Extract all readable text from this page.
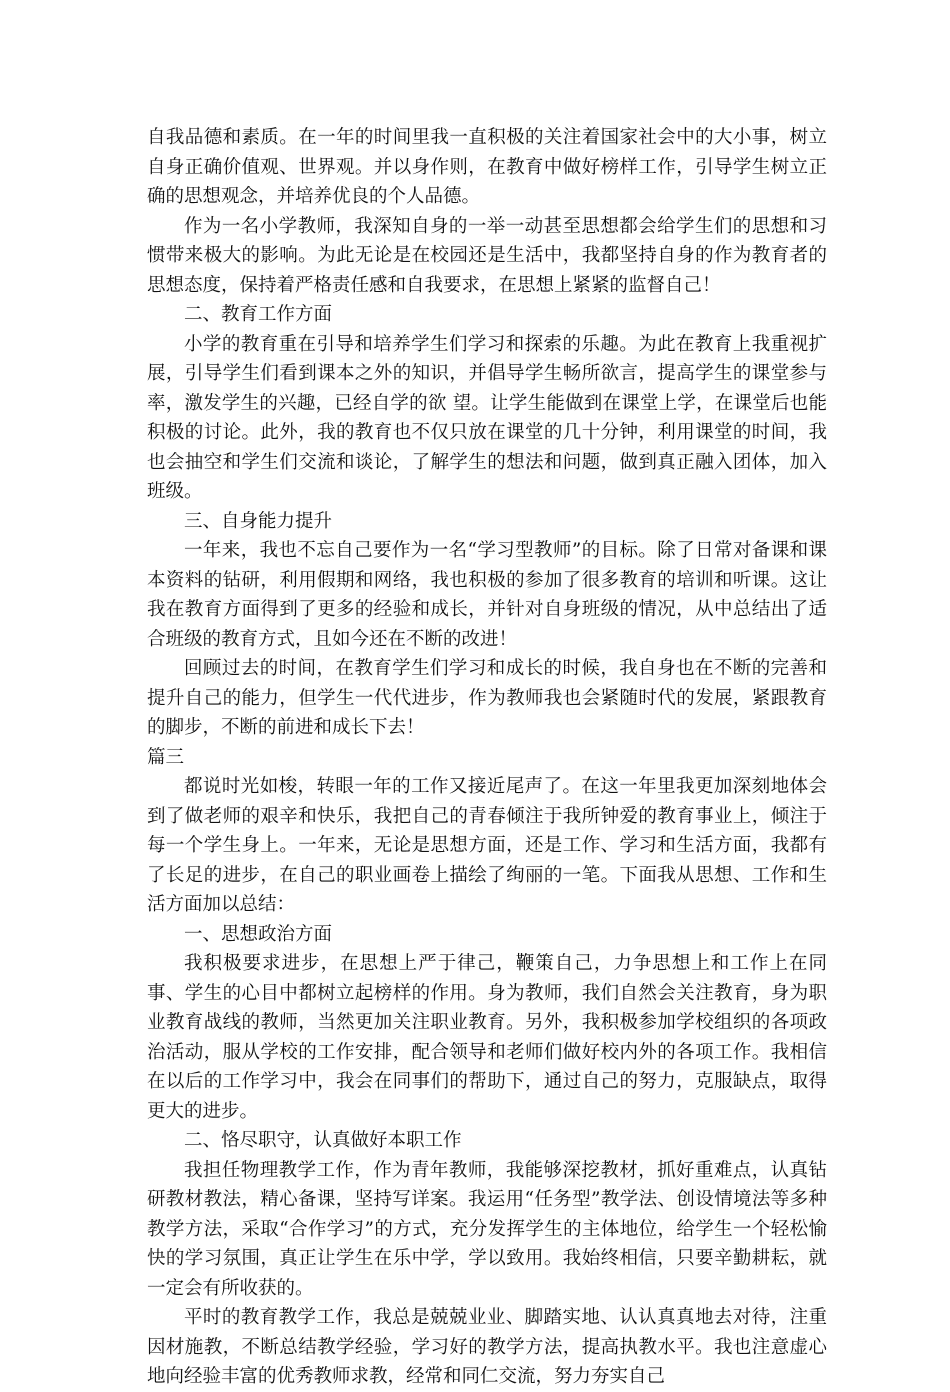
自我品德和素质。在一年的时间里我一直积极的关注着国家社会中的大小事，树立自身正确价值观、世界观。并以身作则，在教育中做好榜样工作，引导学生树立正确的思想观念，并培养优良的个人品德。

作为一名小学教师，我深知自身的一举一动甚至思想都会给学生们的思想和习惯带来极大的影响。为此无论是在校园还是生活中，我都坚持自身的作为教育者的思想态度，保持着严格责任感和自我要求，在思想上紧紧的监督自己！

二、教育工作方面

小学的教育重在引导和培养学生们学习和探索的乐趣。为此在教育上我重视扩展，引导学生们看到课本之外的知识，并倡导学生畅所欲言，提高学生的课堂参与率，激发学生的兴趣，已经自学的欲 望。让学生能做到在课堂上学，在课堂后也能积极的讨论。此外，我的教育也不仅只放在课堂的几十分钟，利用课堂的时间，我也会抽空和学生们交流和谈论，了解学生的想法和问题，做到真正融入团体，加入班级。

三、自身能力提升

一年来，我也不忘自己要作为一名“学习型教师”的目标。除了日常对备课和课本资料的钻研，利用假期和网络，我也积极的参加了很多教育的培训和听课。这让我在教育方面得到了更多的经验和成长，并针对自身班级的情况，从中总结出了适合班级的教育方式，且如今还在不断的改进！

回顾过去的时间，在教育学生们学习和成长的时候，我自身也在不断的完善和提升自己的能力，但学生一代代进步，作为教师我也会紧随时代的发展，紧跟教育的脚步，不断的前进和成长下去！

篇三

都说时光如梭，转眼一年的工作又接近尾声了。在这一年里我更加深刻地体会到了做老师的艰辛和快乐，我把自己的青春倾注于我所钟爱的教育事业上，倾注于每一个学生身上。一年来，无论是思想方面，还是工作、学习和生活方面，我都有了长足的进步，在自己的职业画卷上描绘了绚丽的一笔。下面我从思想、工作和生活方面加以总结：

一、思想政治方面

我积极要求进步，在思想上严于律己，鞭策自己，力争思想上和工作上在同事、学生的心目中都树立起榜样的作用。身为教师，我们自然会关注教育，身为职业教育战线的教师，当然更加关注职业教育。另外，我积极参加学校组织的各项政治活动，服从学校的工作安排，配合领导和老师们做好校内外的各项工作。我相信在以后的工作学习中，我会在同事们的帮助下，通过自己的努力，克服缺点，取得更大的进步。

二、恪尽职守，认真做好本职工作

我担任物理教学工作，作为青年教师，我能够深挖教材，抓好重难点，认真钻研教材教法，精心备课，坚持写详案。我运用“任务型”教学法、创设情境法等多种教学方法，采取“合作学习”的方式，充分发挥学生的主体地位，给学生一个轻松愉快的学习氛围，真正让学生在乐中学，学以致用。我始终相信，只要辛勤耕耘，就一定会有所收获的。

平时的教育教学工作，我总是兢兢业业、脚踏实地、认认真真地去对待，注重因材施教，不断总结教学经验，学习好的教学方法，提高执教水平。我也注意虚心地向经验丰富的优秀教师求教，经常和同仁交流，努力夯实自己
